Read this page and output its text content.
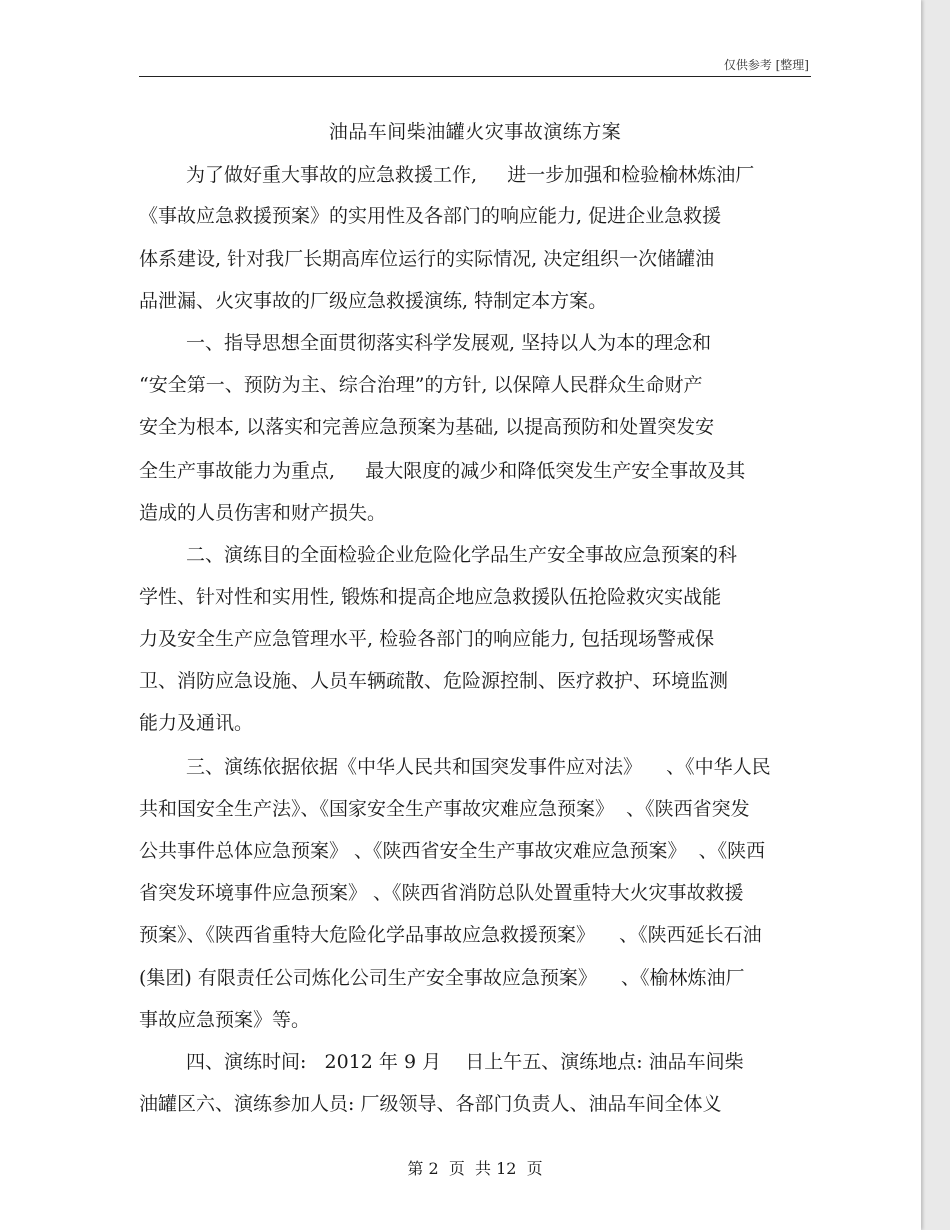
仅供参考 [整理]
油品车间柴油罐火灾事故演练方案
为了做好重大事故的应急救援工作,     进一步加强和检验榆林炼油厂
《事故应急救援预案》的实用性及各部门的响应能力, 促进企业急救援
体系建设, 针对我厂长期高库位运行的实际情况, 决定组织一次储罐油
品泄漏、火灾事故的厂级应急救援演练, 特制定本方案。
一、指导思想全面贯彻落实科学发展观, 坚持以人为本的理念和
“安全第一、预防为主、综合治理”的方针, 以保障人民群众生命财产
安全为根本, 以落实和完善应急预案为基础, 以提高预防和处置突发安
全生产事故能力为重点,     最大限度的减少和降低突发生产安全事故及其
造成的人员伤害和财产损失。
二、演练目的全面检验企业危险化学品生产安全事故应急预案的科
学性、针对性和实用性, 锻炼和提高企地应急救援队伍抢险救灾实战能
力及安全生产应急管理水平, 检验各部门的响应能力, 包括现场警戒保
卫、消防应急设施、人员车辆疏散、危险源控制、医疗救护、环境监测
能力及通讯。
三、演练依据依据《中华人民共和国突发事件应对法》    、《中华人民
共和国安全生产法》、《国家安全生产事故灾难应急预案》  、《陕西省突发
公共事件总体应急预案》 、《陕西省安全生产事故灾难应急预案》  、《陕西
省突发环境事件应急预案》 、《陕西省消防总队处置重特大火灾事故救援
预案》、《陕西省重特大危险化学品事故应急救援预案》    、《陕西延长石油
(集团) 有限责任公司炼化公司生产安全事故应急预案》    、《榆林炼油厂
事故应急预案》等。
四、演练时间:   2012 年 9 月    日上午五、演练地点: 油品车间柴
油罐区六、演练参加人员: 厂级领导、各部门负责人、油品车间全体义
第 2  页  共 12  页
